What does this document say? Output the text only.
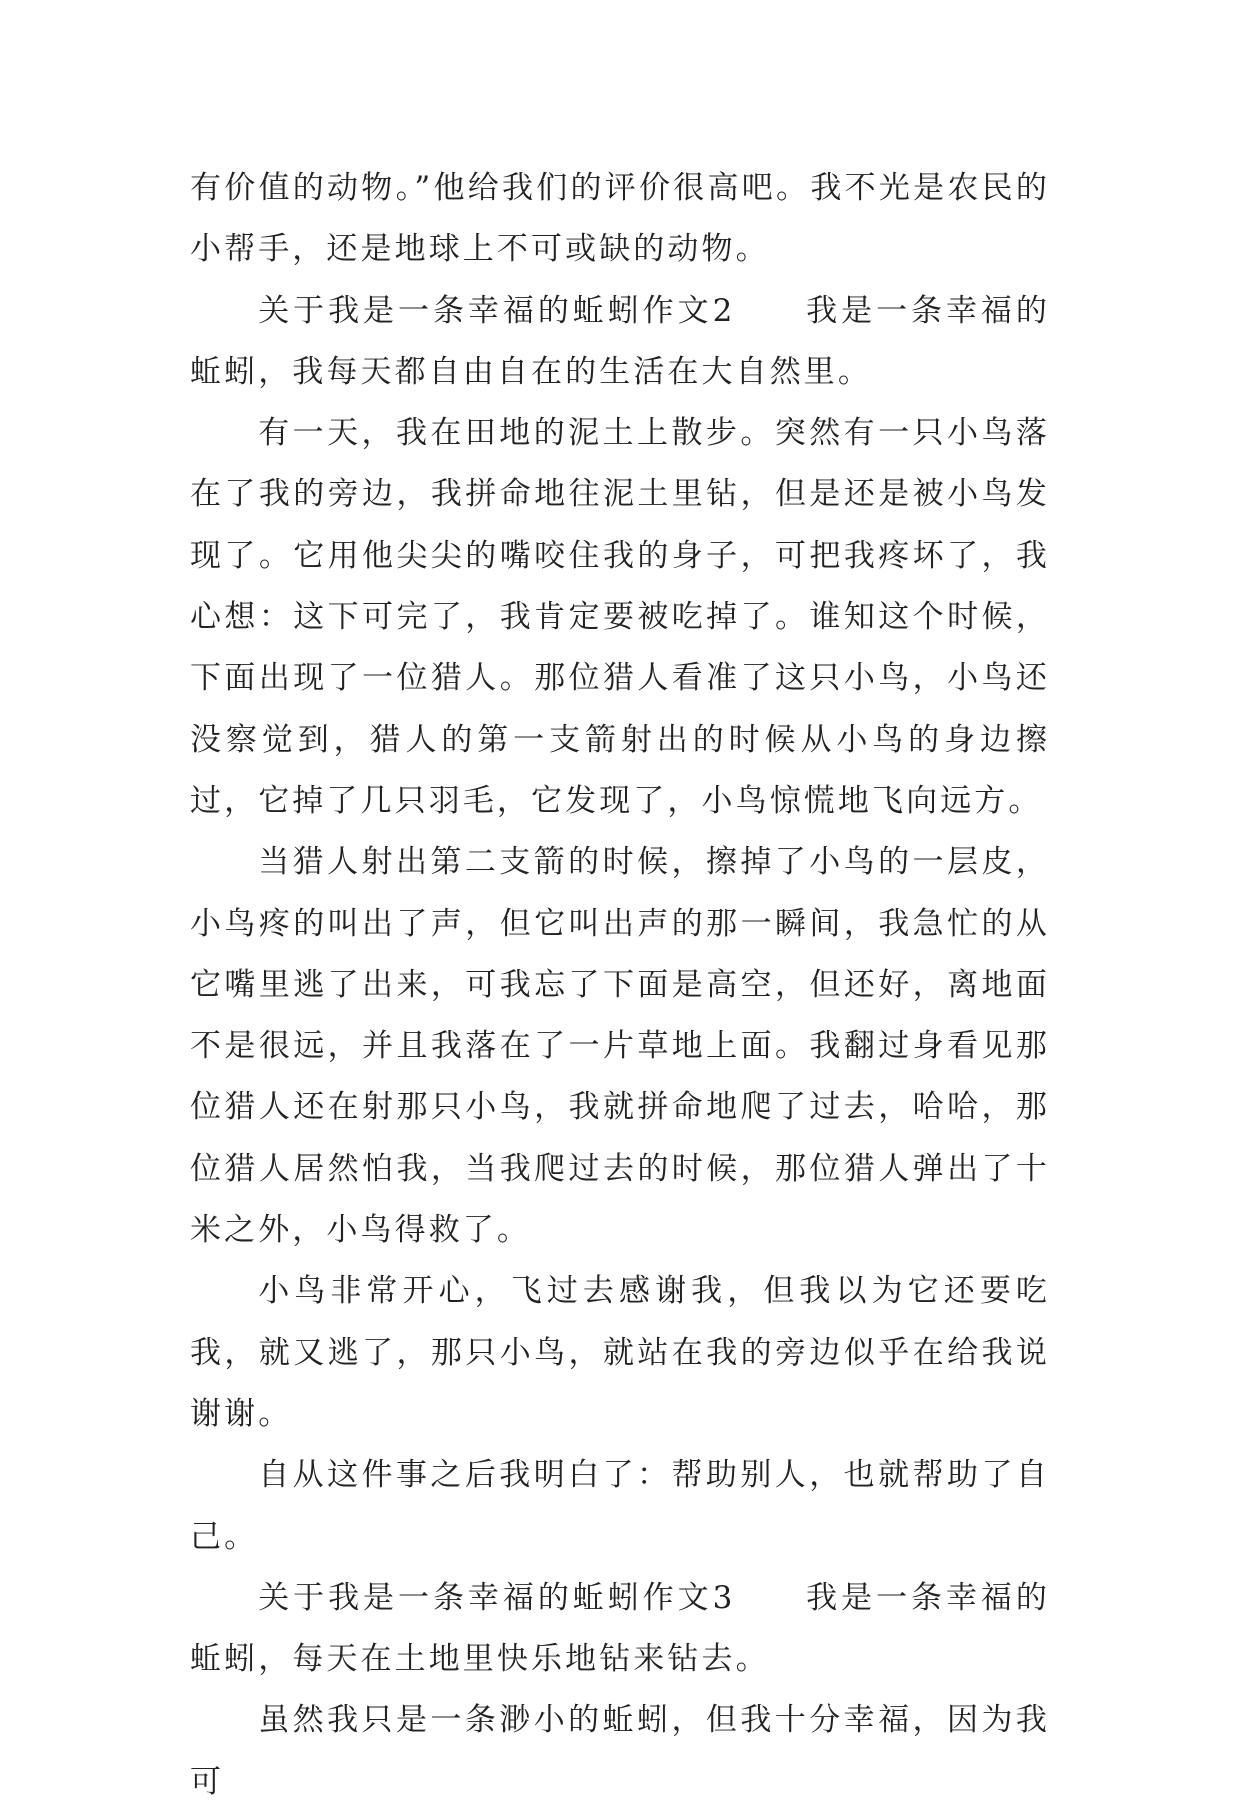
有价值的动物。”他给我们的评价很高吧。我不光是农民的小帮手，还是地球上不可或缺的动物。

关于我是一条幸福的蚯蚓作文2　　我是一条幸福的蚯蚓，我每天都自由自在的生活在大自然里。

有一天，我在田地的泥土上散步。突然有一只小鸟落在了我的旁边，我拼命地往泥土里钻，但是还是被小鸟发现了。它用他尖尖的嘴咬住我的身子，可把我疼坏了，我心想：这下可完了，我肯定要被吃掉了。谁知这个时候，下面出现了一位猎人。那位猎人看准了这只小鸟，小鸟还没察觉到，猎人的第一支箭射出的时候从小鸟的身边擦过，它掉了几只羽毛，它发现了，小鸟惊慌地飞向远方。

当猎人射出第二支箭的时候，擦掉了小鸟的一层皮，小鸟疼的叫出了声，但它叫出声的那一瞬间，我急忙的从它嘴里逃了出来，可我忘了下面是高空，但还好，离地面不是很远，并且我落在了一片草地上面。我翻过身看见那位猎人还在射那只小鸟，我就拼命地爬了过去，哈哈，那位猎人居然怕我，当我爬过去的时候，那位猎人弹出了十米之外，小鸟得救了。

小鸟非常开心，飞过去感谢我，但我以为它还要吃我，就又逃了，那只小鸟，就站在我的旁边似乎在给我说谢谢。

自从这件事之后我明白了：帮助别人，也就帮助了自己。

关于我是一条幸福的蚯蚓作文3　　我是一条幸福的蚯蚓，每天在土地里快乐地钻来钻去。

虽然我只是一条渺小的蚯蚓，但我十分幸福，因为我可
